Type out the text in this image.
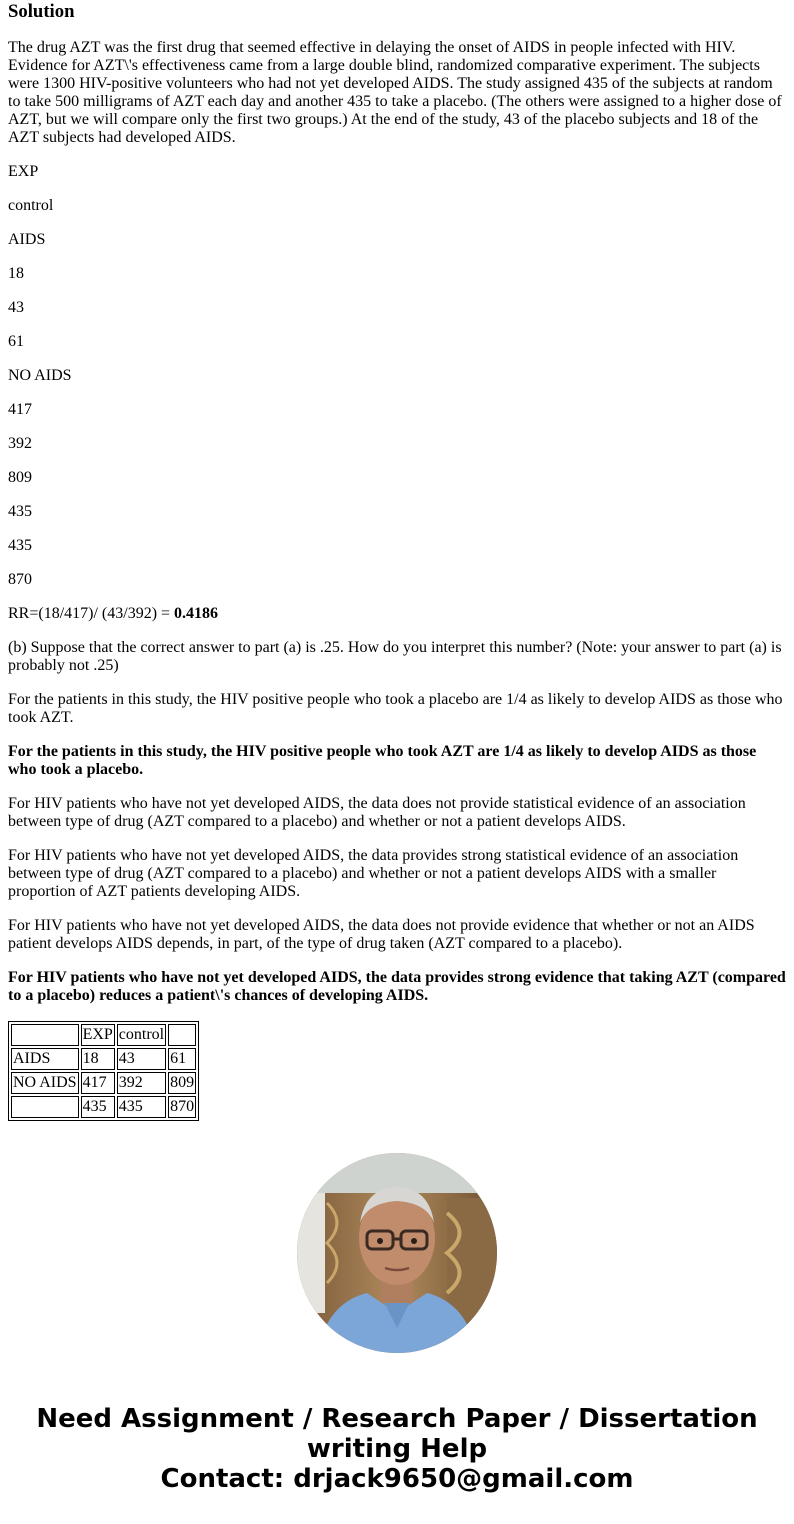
Solution

The drug AZT was the first drug that seemed effective in delaying the onset of AIDS in people infected with HIV. Evidence for AZT\'s effectiveness came from a large double blind, randomized comparative experiment. The subjects were 1300 HIV-positive volunteers who had not yet developed AIDS. The study assigned 435 of the subjects at random to take 500 milligrams of AZT each day and another 435 to take a placebo. (The others were assigned to a higher dose of AZT, but we will compare only the first two groups.) At the end of the study, 43 of the placebo subjects and 18 of the AZT subjects had developed AIDS.

EXP

control

AIDS

18

43

61

NO AIDS

417

392

809

435

435

870

RR=(18/417)/ (43/392) = 0.4186

(b) Suppose that the correct answer to part (a) is .25. How do you interpret this number? (Note: your answer to part (a) is probably not .25)

For the patients in this study, the HIV positive people who took a placebo are 1/4 as likely to develop AIDS as those who took AZT.

For the patients in this study, the HIV positive people who took AZT are 1/4 as likely to develop AIDS as those who took a placebo.

For HIV patients who have not yet developed AIDS, the data does not provide statistical evidence of an association between type of drug (AZT compared to a placebo) and whether or not a patient develops AIDS.

For HIV patients who have not yet developed AIDS, the data provides strong statistical evidence of an association between type of drug (AZT compared to a placebo) and whether or not a patient develops AIDS with a smaller proportion of AZT patients developing AIDS.

For HIV patients who have not yet developed AIDS, the data does not provide evidence that whether or not an AIDS patient develops AIDS depends, in part, of the type of drug taken (AZT compared to a placebo).

For HIV patients who have not yet developed AIDS, the data provides strong evidence that taking AZT (compared to a placebo) reduces a patient\'s chances of developing AIDS.

	EXP	control	
AIDS	18	43	61
NO AIDS	417	392	809
	435	435	870
Need Assignment / Research Paper / Dissertation
writing Help
Contact: drjack9650@gmail.com
